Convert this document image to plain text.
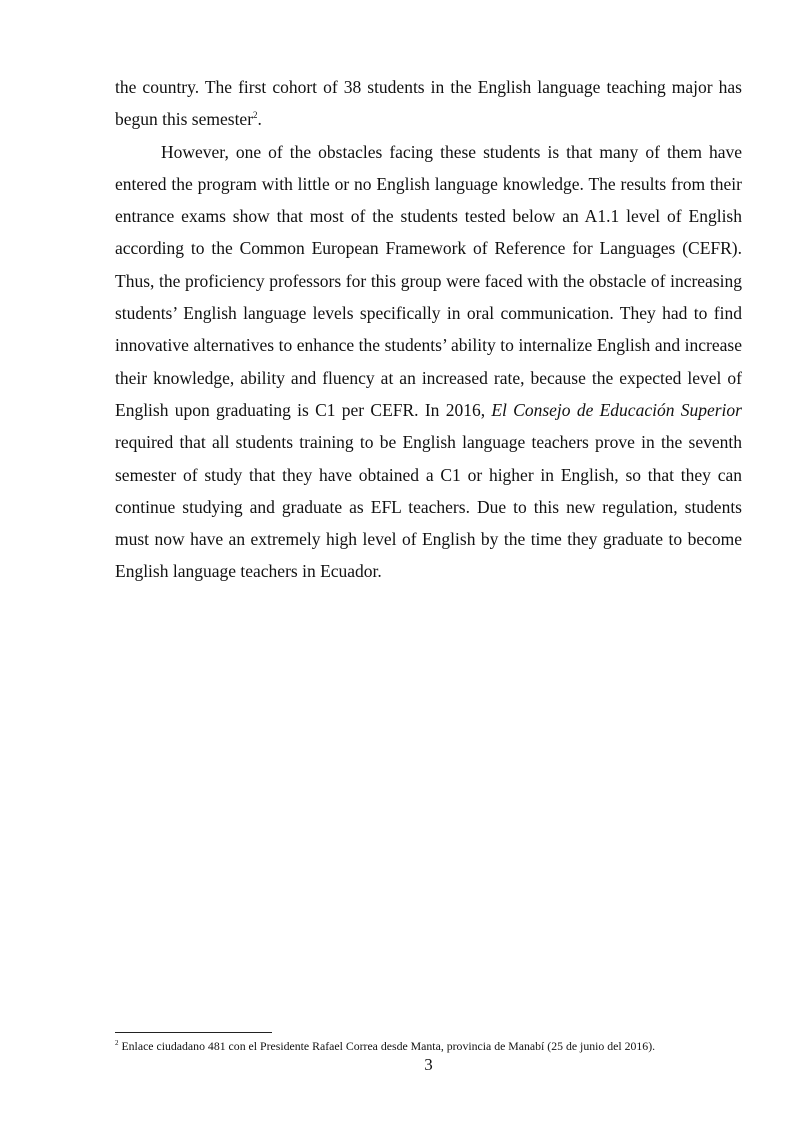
the country. The first cohort of 38 students in the English language teaching major has begun this semester$^2$.

However, one of the obstacles facing these students is that many of them have entered the program with little or no English language knowledge. The results from their entrance exams show that most of the students tested below an A1.1 level of English according to the Common European Framework of Reference for Languages (CEFR). Thus, the proficiency professors for this group were faced with the obstacle of increasing students’ English language levels specifically in oral communication. They had to find innovative alternatives to enhance the students’ ability to internalize English and increase their knowledge, ability and fluency at an increased rate, because the expected level of English upon graduating is C1 per CEFR. In 2016, El Consejo de Educación Superior required that all students training to be English language teachers prove in the seventh semester of study that they have obtained a C1 or higher in English, so that they can continue studying and graduate as EFL teachers. Due to this new regulation, students must now have an extremely high level of English by the time they graduate to become English language teachers in Ecuador.

$^2$ Enlace ciudadano 481 con el Presidente Rafael Correa desde Manta, provincia de Manabí (25 de junio del 2016).
3
